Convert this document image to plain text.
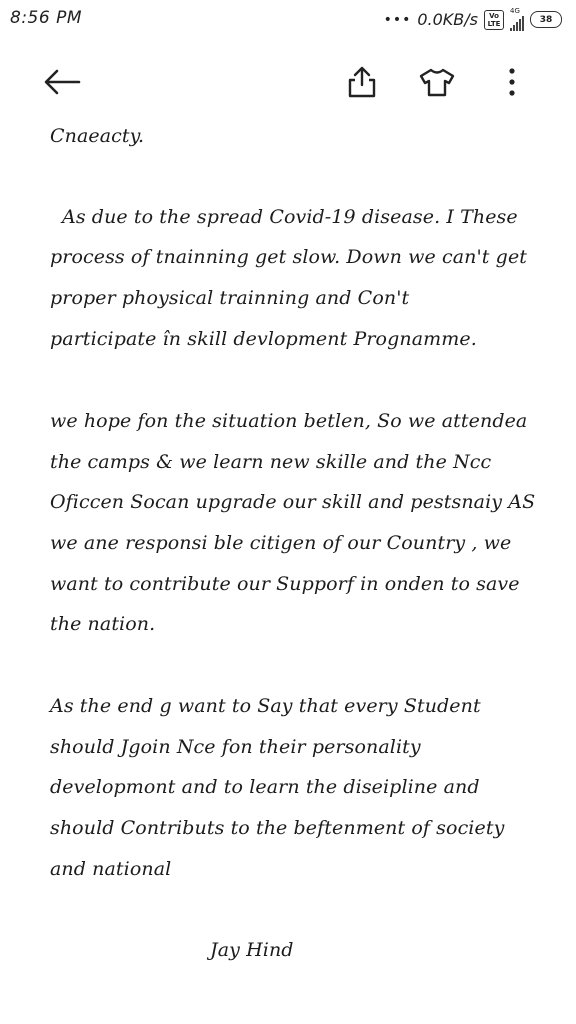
8:56 PM	••• 0.0KB/s Vo
LTE
4G
38
Cnaeacty.
As due to the spread Covid-19 disease. I These
process of tnainning get slow. Down we can't get
proper phoysical trainning and Con't
participate în skill devlopment Prognamme.
we hope fon the situation betlen, So we attendea
the camps & we learn new skille and the Ncc
Oficcen Socan upgrade our skill and pestsnaiy AS
we ane responsi ble citigen of our Country , we
want to contribute our Supporf in onden to save
the nation.
As the end g want to Say that every Student
should Jgoin Nce fon their personality
developmont and to learn the diseipline and
should Contributs to the beftenment of society
and national
Jay Hind
